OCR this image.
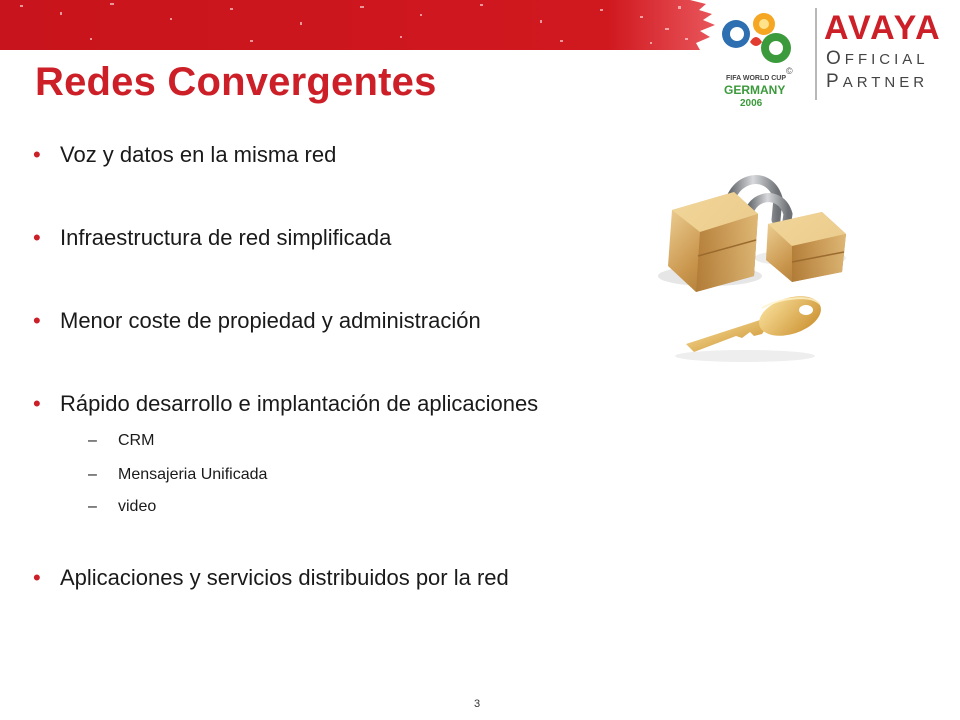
Redes Convergentes	©
FIFA WORLD CUP
GERMANY
2006
AVAYA
OFFICIAL
PARTNER
• Voz y datos en la misma red
• Infraestructura de red simplificada
• Menor coste de propiedad y administración
• Rápido desarrollo e implantación de aplicaciones
– CRM
– Mensajeria Unificada
– video
• Aplicaciones y servicios distribuidos por la red
3
